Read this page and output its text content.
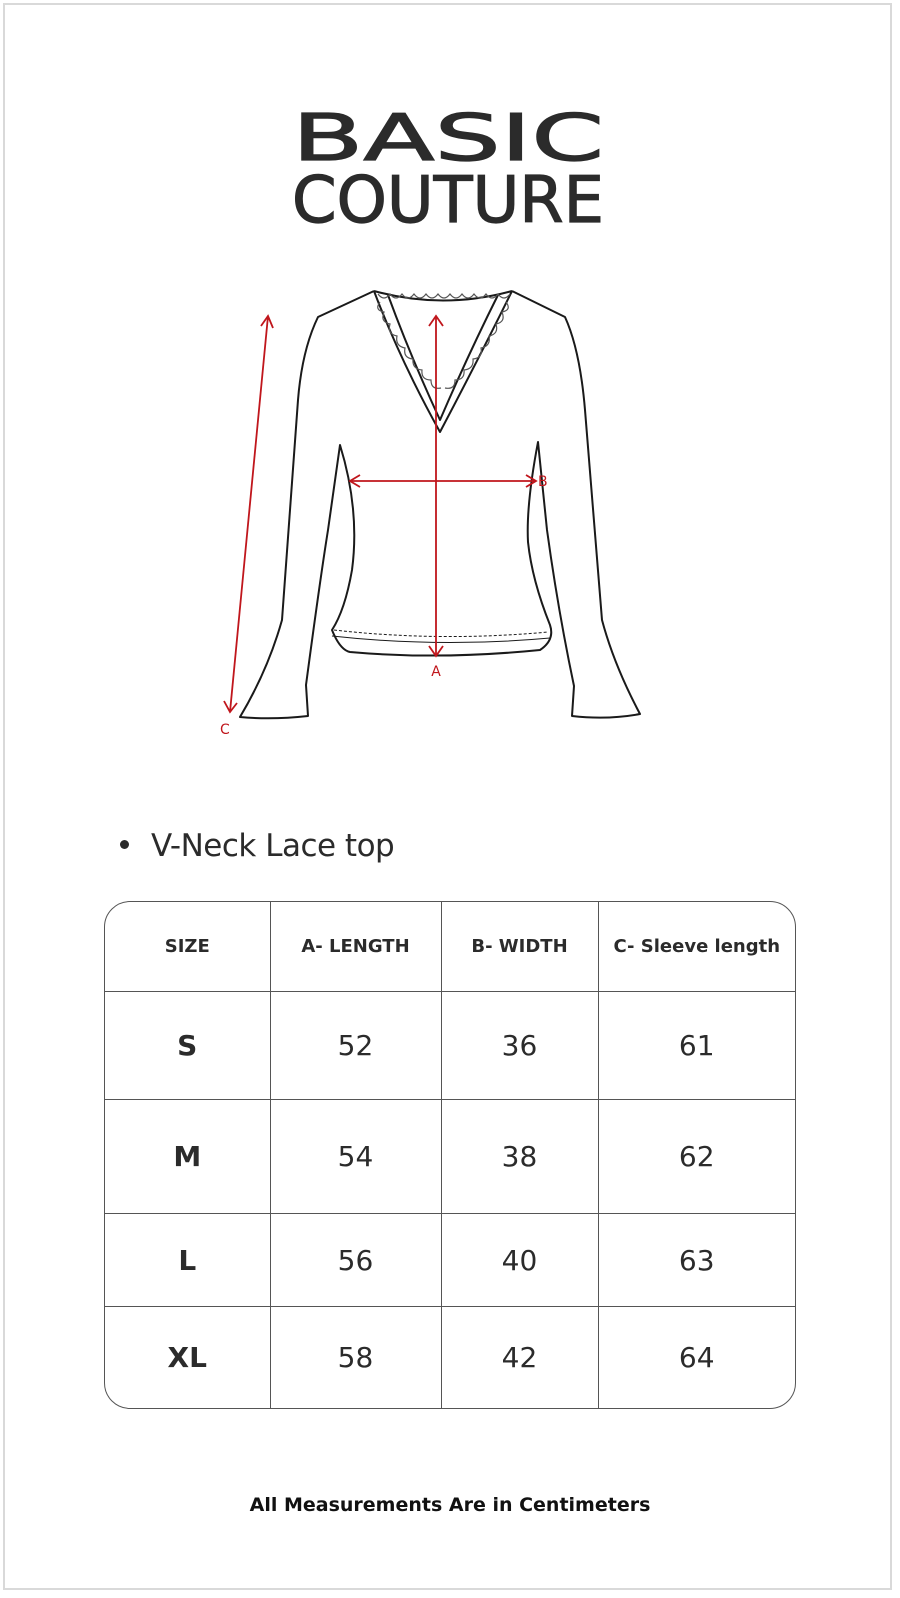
BASIC
COUTURE
A
B
C
V-Neck Lace top
SIZE	A- LENGTH	B- WIDTH	C- Sleeve length
S	52	36	61
M	54	38	62
L	56	40	63
XL	58	42	64
All Measurements Are in Centimeters
